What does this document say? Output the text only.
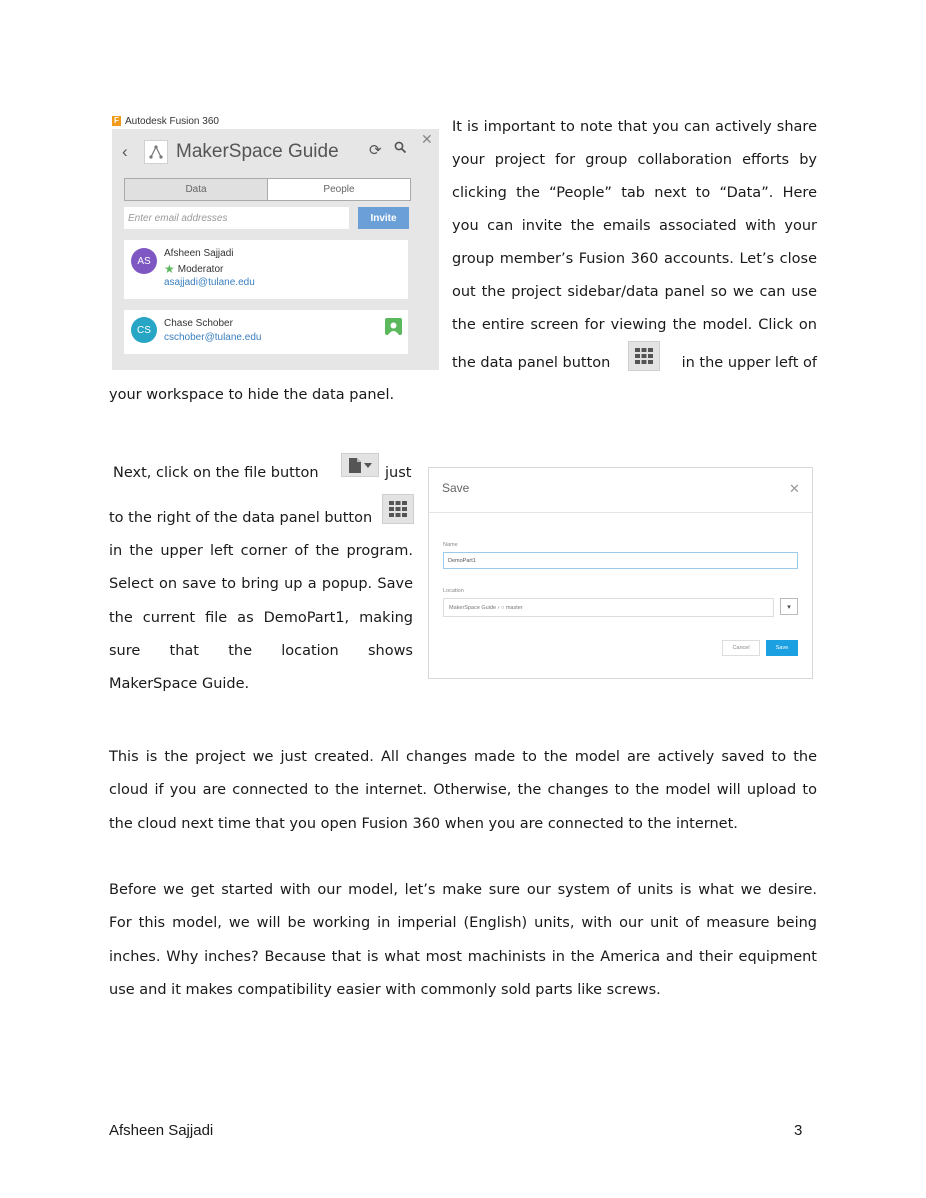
F Autodesk Fusion 360
✕
‹	MakerSpace Guide ⟳
Data	People
Enter email addresses	Invite
AS
Afsheen Sajjadi
★ Moderator
asajjadi@tulane.edu
CS
Chase Schober
cschober@tulane.edu
It is important to note that you can actively share
your project for group collaboration efforts by
clicking the “People” tab next to “Data”. Here
you can invite the emails associated with your
group member’s Fusion 360 accounts. Let’s close
out the project sidebar/data panel so we can use
the entire screen for viewing the model. Click on
the data panel button	in the upper left of
your workspace to hide the data panel.
Next, click on the file button	just
to the right of the data panel button
in the upper left corner of the program.
Select on save to bring up a popup. Save
the current file as DemoPart1, making
sure that the location shows
MakerSpace Guide.
Save	✕
Name
DemoPart1
Location
MakerSpace Guide › ○ master	▾
Cancel	Save
This is the project we just created. All changes made to the model are actively saved to the
cloud if you are connected to the internet. Otherwise, the changes to the model will upload to
the cloud next time that you open Fusion 360 when you are connected to the internet.
Before we get started with our model, let’s make sure our system of units is what we desire.
For this model, we will be working in imperial (English) units, with our unit of measure being
inches. Why inches? Because that is what most machinists in the America and their equipment
use and it makes compatibility easier with commonly sold parts like screws.
Afsheen Sajjadi	3
